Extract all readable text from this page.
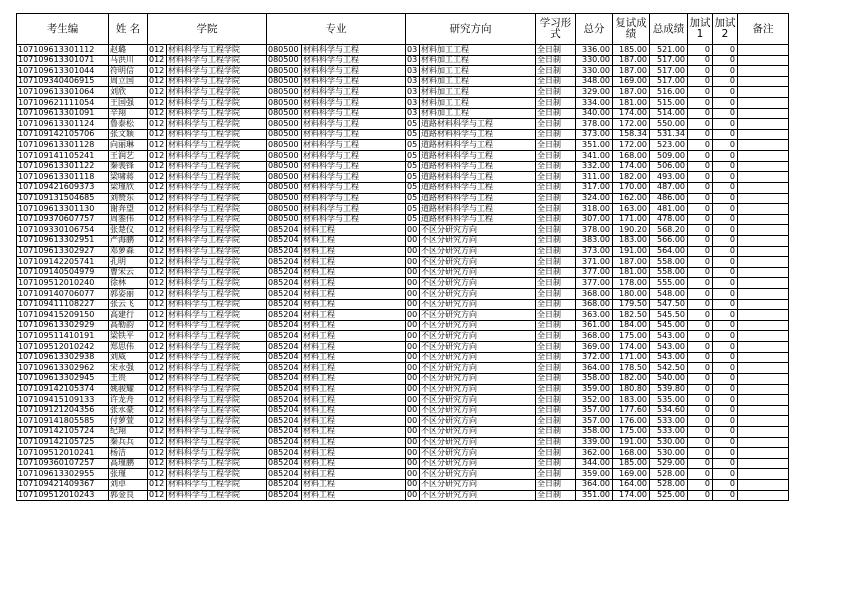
考生编	姓 名	学院		专业		研究方向		学习形式	总分	复试成绩	总成绩	加试1	加试2	备注
107109613301112	赵璐	012	材料科学与工程学院	080500	材料科学与工程	03	材料加工工程	全日制	336.00	185.00	521.00	0	0	
107109613301071	马洪川	012	材料科学与工程学院	080500	材料科学与工程	03	材料加工工程	全日制	330.00	187.00	517.00	0	0	
107109613301044	符明信	012	材料科学与工程学院	080500	材料科学与工程	03	材料加工工程	全日制	330.00	187.00	517.00	0	0	
107109340406915	周立国	012	材料科学与工程学院	080500	材料科学与工程	03	材料加工工程	全日制	348.00	169.00	517.00	0	0	
107109613301064	刘欣	012	材料科学与工程学院	080500	材料科学与工程	03	材料加工工程	全日制	329.00	187.00	516.00	0	0	
107109621111054	王国强	012	材料科学与工程学院	080500	材料科学与工程	03	材料加工工程	全日制	334.00	181.00	515.00	0	0	
107109613301091	辛翔	012	材料科学与工程学院	080500	材料科学与工程	03	材料加工工程	全日制	340.00	174.00	514.00	0	0	
107109613301124	鲁泰松	012	材料科学与工程学院	080500	材料科学与工程	05	道路材料科学与工程	全日制	378.00	172.00	550.00	0	0	
107109142105706	张文颖	012	材料科学与工程学院	080500	材料科学与工程	05	道路材料科学与工程	全日制	373.00	158.34	531.34	0	0	
107109613301128	向丽琳	012	材料科学与工程学院	080500	材料科学与工程	05	道路材料科学与工程	全日制	351.00	172.00	523.00	0	0	
107109141105241	王润艺	012	材料科学与工程学院	080500	材料科学与工程	05	道路材料科学与工程	全日制	341.00	168.00	509.00	0	0	
107109613301122	秦裴锋	012	材料科学与工程学院	080500	材料科学与工程	05	道路材料科学与工程	全日制	332.00	174.00	506.00	0	0	
107109613301118	梁啸蒋	012	材料科学与工程学院	080500	材料科学与工程	05	道路材料科学与工程	全日制	311.00	182.00	493.00	0	0	
107109421609373	梁瑾欣	012	材料科学与工程学院	080500	材料科学与工程	05	道路材料科学与工程	全日制	317.00	170.00	487.00	0	0	
107109131504685	刘赞东	012	材料科学与工程学院	080500	材料科学与工程	05	道路材料科学与工程	全日制	324.00	162.00	486.00	0	0	
107109613301130	谢奔望	012	材料科学与工程学院	080500	材料科学与工程	05	道路材料科学与工程	全日制	318.00	163.00	481.00	0	0	
107109370607757	周銮伟	012	材料科学与工程学院	080500	材料科学与工程	05	道路材料科学与工程	全日制	307.00	171.00	478.00	0	0	
107109330106754	张楚仪	012	材料科学与工程学院	085204	材料工程	00	不区分研究方向	全日制	378.00	190.20	568.20	0	0	
107109613302951	严海鹏	012	材料科学与工程学院	085204	材料工程	00	不区分研究方向	全日制	383.00	183.00	566.00	0	0	
107109613302927	邓萝森	012	材料科学与工程学院	085204	材料工程	00	不区分研究方向	全日制	373.00	191.00	564.00	0	0	
107109142205741	孔明	012	材料科学与工程学院	085204	材料工程	00	不区分研究方向	全日制	371.00	187.00	558.00	0	0	
107109140504979	曹宋云	012	材料科学与工程学院	085204	材料工程	00	不区分研究方向	全日制	377.00	181.00	558.00	0	0	
107109512010240	徐林	012	材料科学与工程学院	085204	材料工程	00	不区分研究方向	全日制	377.00	178.00	555.00	0	0	
107109140706077	郭姿丽	012	材料科学与工程学院	085204	材料工程	00	不区分研究方向	全日制	368.00	180.00	548.00	0	0	
107109411108227	张云飞	012	材料科学与工程学院	085204	材料工程	00	不区分研究方向	全日制	368.00	179.50	547.50	0	0	
107109415209150	高建行	012	材料科学与工程学院	085204	材料工程	00	不区分研究方向	全日制	363.00	182.50	545.50	0	0	
107109613302929	高勒韵	012	材料科学与工程学院	085204	材料工程	00	不区分研究方向	全日制	361.00	184.00	545.00	0	0	
107109511410191	梁铁平	012	材料科学与工程学院	085204	材料工程	00	不区分研究方向	全日制	368.00	175.00	543.00	0	0	
107109512010242	郑思伟	012	材料科学与工程学院	085204	材料工程	00	不区分研究方向	全日制	369.00	174.00	543.00	0	0	
107109613302938	刘威	012	材料科学与工程学院	085204	材料工程	00	不区分研究方向	全日制	372.00	171.00	543.00	0	0	
107109613302962	宋永强	012	材料科学与工程学院	085204	材料工程	00	不区分研究方向	全日制	364.00	178.50	542.50	0	0	
107109613302945	王贵	012	材料科学与工程学院	085204	材料工程	00	不区分研究方向	全日制	358.00	182.00	540.00	0	0	
107109142105374	姚骏耀	012	材料科学与工程学院	085204	材料工程	00	不区分研究方向	全日制	359.00	180.80	539.80	0	0	
107109415109133	许龙舟	012	材料科学与工程学院	085204	材料工程	00	不区分研究方向	全日制	352.00	183.00	535.00	0	0	
107109121204356	张永豪	012	材料科学与工程学院	085204	材料工程	00	不区分研究方向	全日制	357.00	177.60	534.60	0	0	
107109141805585	付萝萱	012	材料科学与工程学院	085204	材料工程	00	不区分研究方向	全日制	357.00	176.00	533.00	0	0	
107109142105724	纪翔	012	材料科学与工程学院	085204	材料工程	00	不区分研究方向	全日制	358.00	175.00	533.00	0	0	
107109142105725	秦兵兵	012	材料科学与工程学院	085204	材料工程	00	不区分研究方向	全日制	339.00	191.00	530.00	0	0	
107109512010241	杨洁	012	材料科学与工程学院	085204	材料工程	00	不区分研究方向	全日制	362.00	168.00	530.00	0	0	
107109360107257	高瑾鹏	012	材料科学与工程学院	085204	材料工程	00	不区分研究方向	全日制	344.00	185.00	529.00	0	0	
107109613302955	张瑾	012	材料科学与工程学院	085204	材料工程	00	不区分研究方向	全日制	359.00	169.00	528.00	0	0	
107109421409367	刘卓	012	材料科学与工程学院	085204	材料工程	00	不区分研究方向	全日制	364.00	164.00	528.00	0	0	
107109512010243	郭金良	012	材料科学与工程学院	085204	材料工程	00	不区分研究方向	全日制	351.00	174.00	525.00	0	0	
